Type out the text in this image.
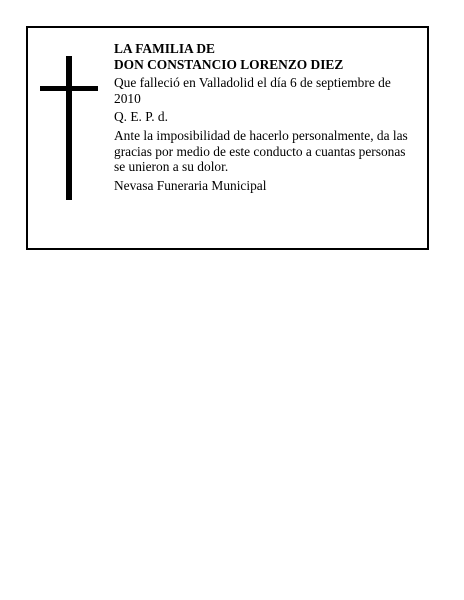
LA FAMILIA DE
DON CONSTANCIO LORENZO DIEZ

Que falleció en Valladolid el día 6 de septiembre de 2010

Q. E. P. d.

Ante la imposibilidad de hacerlo personalmente, da las gracias por medio de este conducto a cuantas personas se unieron a su dolor.

Nevasa Funeraria Municipal
